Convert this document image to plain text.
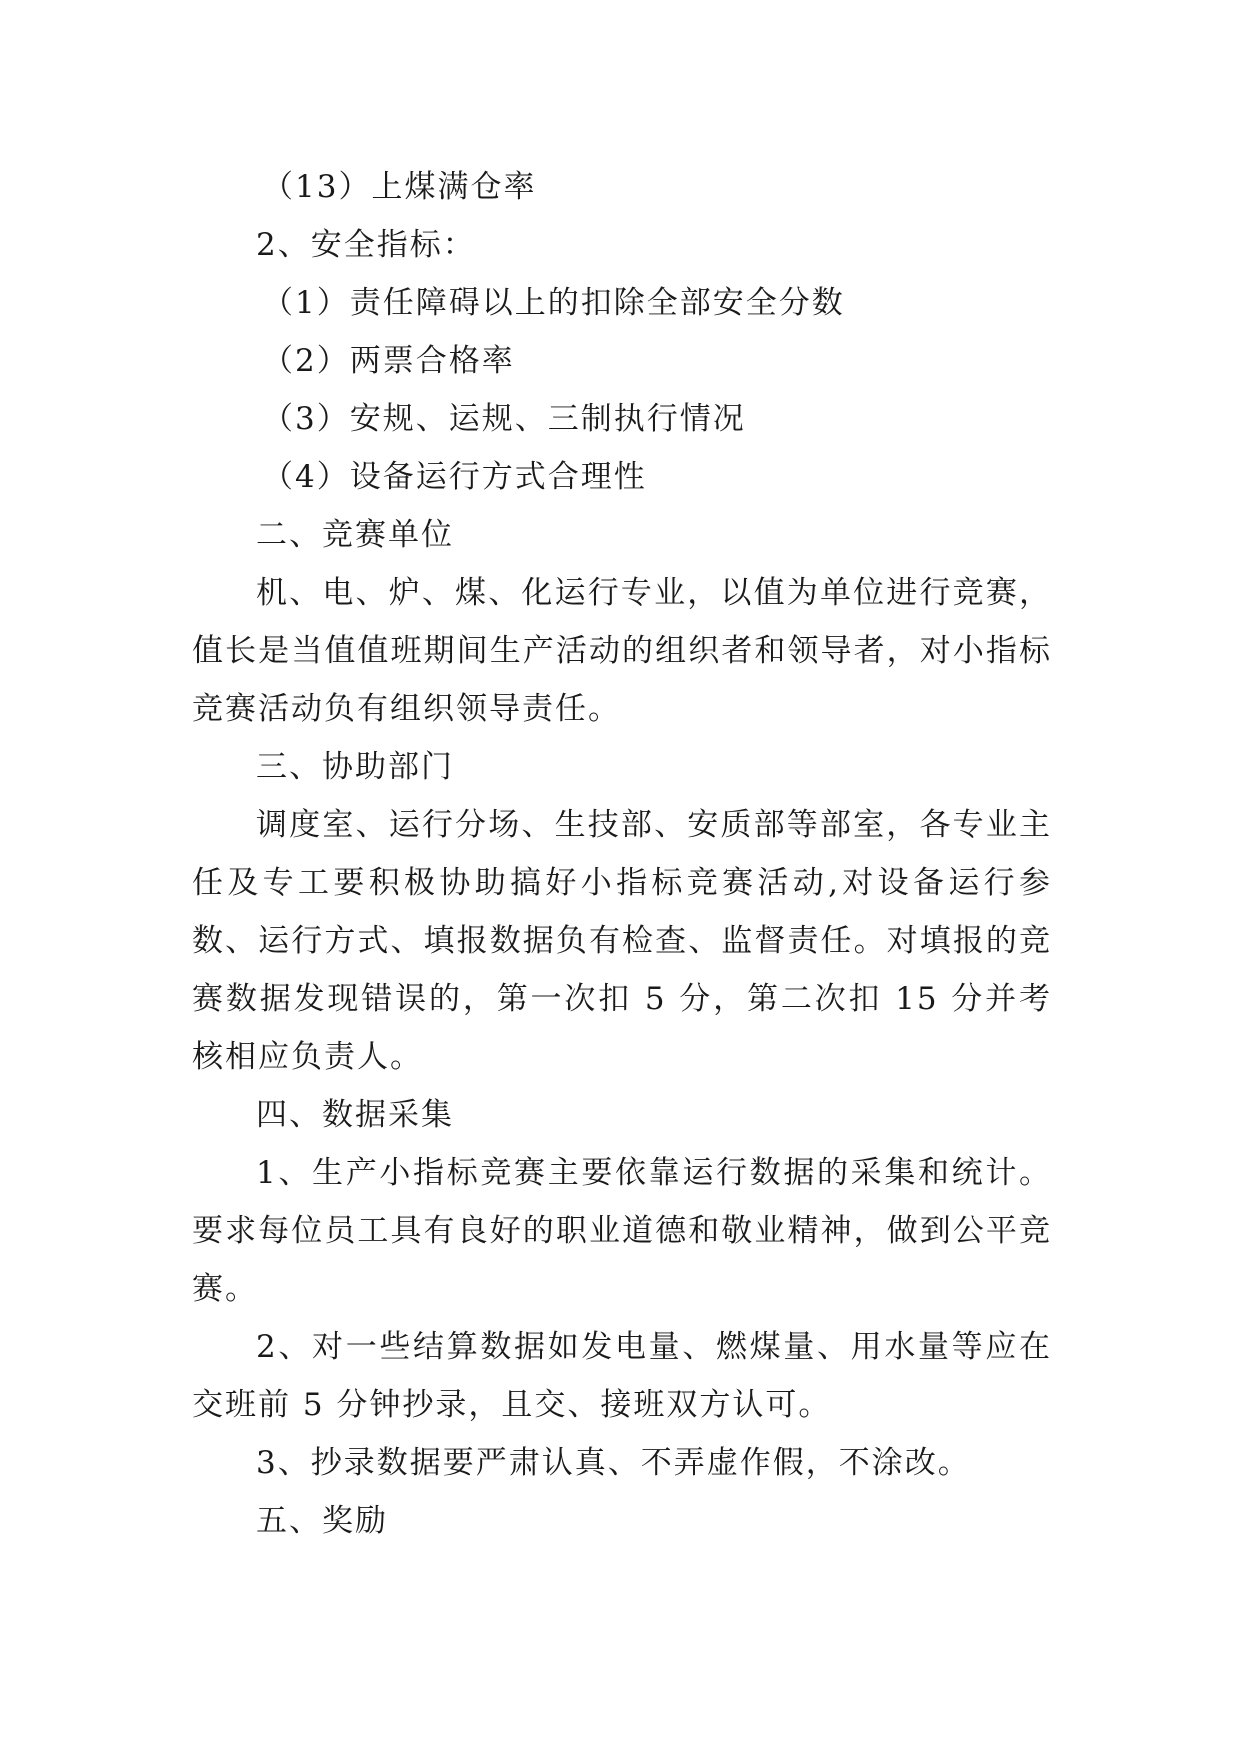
（13）上煤满仓率
2、安全指标：
（1）责任障碍以上的扣除全部安全分数
（2）两票合格率
（3）安规、运规、三制执行情况
（4）设备运行方式合理性
二、竞赛单位
机、电、炉、煤、化运行专业，以值为单位进行竞赛，值长是当值值班期间生产活动的组织者和领导者，对小指标竞赛活动负有组织领导责任。
三、协助部门
调度室、运行分场、生技部、安质部等部室，各专业主任及专工要积极协助搞好小指标竞赛活动,对设备运行参数、运行方式、填报数据负有检查、监督责任。对填报的竞赛数据发现错误的，第一次扣 5 分，第二次扣 15 分并考核相应负责人。
四、数据采集
1、生产小指标竞赛主要依靠运行数据的采集和统计。要求每位员工具有良好的职业道德和敬业精神，做到公平竞赛。
2、对一些结算数据如发电量、燃煤量、用水量等应在交班前 5 分钟抄录，且交、接班双方认可。
3、抄录数据要严肃认真、不弄虚作假，不涂改。
五、奖励
